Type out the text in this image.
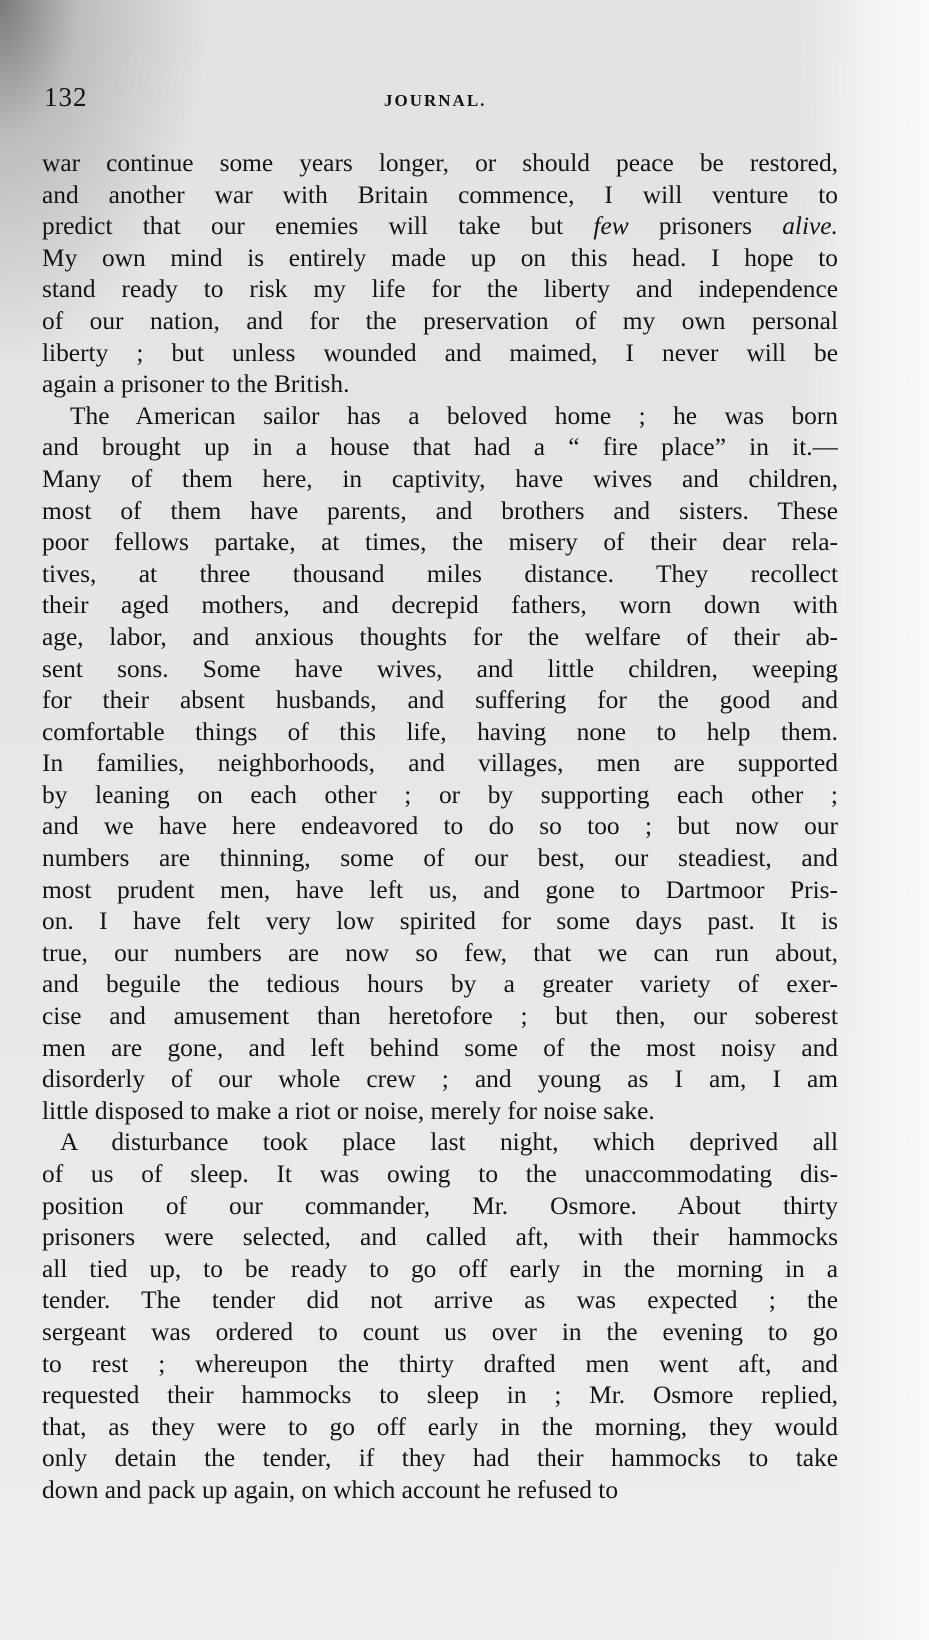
132	JOURNAL.
war continue some years longer, or should peace be restored,
and another war with Britain commence, I will venture to
predict that our enemies will take but few prisoners alive.
My own mind is entirely made up on this head. I hope to
stand ready to risk my life for the liberty and independence
of our nation, and for the preservation of my own personal
liberty ; but unless wounded and maimed, I never will be
again a prisoner to the British.
The American sailor has a beloved home ; he was born
and brought up in a house that had a “ fire place” in it.—
Many of them here, in captivity, have wives and children,
most of them have parents, and brothers and sisters. These
poor fellows partake, at times, the misery of their dear rela-
tives, at three thousand miles distance. They recollect
their aged mothers, and decrepid fathers, worn down with
age, labor, and anxious thoughts for the welfare of their ab-
sent sons. Some have wives, and little children, weeping
for their absent husbands, and suffering for the good and
comfortable things of this life, having none to help them.
In families, neighborhoods, and villages, men are supported
by leaning on each other ; or by supporting each other ;
and we have here endeavored to do so too ; but now our
numbers are thinning, some of our best, our steadiest, and
most prudent men, have left us, and gone to Dartmoor Pris-
on. I have felt very low spirited for some days past. It is
true, our numbers are now so few, that we can run about,
and beguile the tedious hours by a greater variety of exer-
cise and amusement than heretofore ; but then, our soberest
men are gone, and left behind some of the most noisy and
disorderly of our whole crew ; and young as I am, I am
little disposed to make a riot or noise, merely for noise sake.
A disturbance took place last night, which deprived all
of us of sleep. It was owing to the unaccommodating dis-
position of our commander, Mr. Osmore. About thirty
prisoners were selected, and called aft, with their hammocks
all tied up, to be ready to go off early in the morning in a
tender. The tender did not arrive as was expected ; the
sergeant was ordered to count us over in the evening to go
to rest ; whereupon the thirty drafted men went aft, and
requested their hammocks to sleep in ; Mr. Osmore replied,
that, as they were to go off early in the morning, they would
only detain the tender, if they had their hammocks to take
down and pack up again, on which account he refused to
